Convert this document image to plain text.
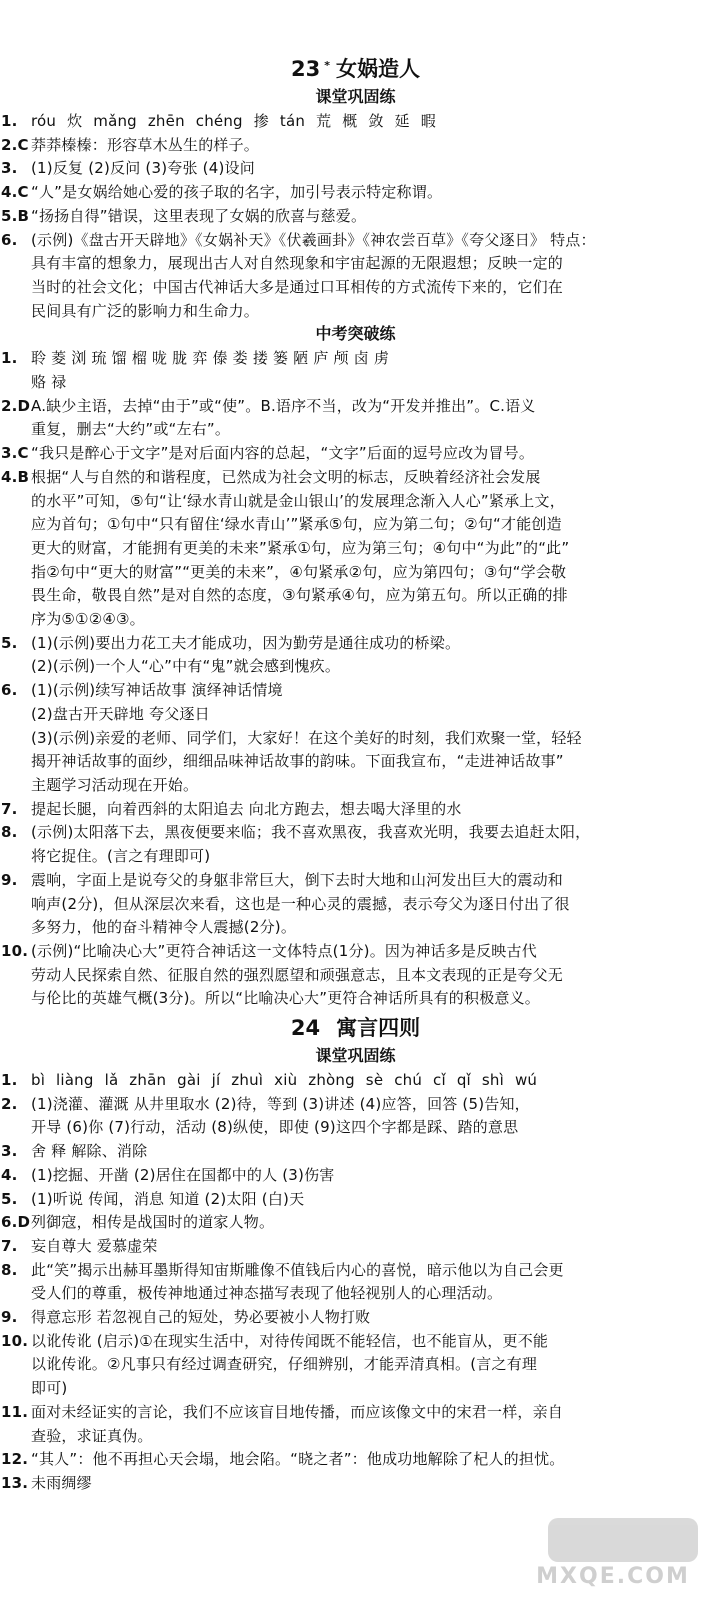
23 * 女娲造人
课堂巩固练
1. róu 炊 mǎng zhēn chéng 掺 tán 荒 概 敛 延 暇
2.C 莽莽榛榛：形容草木丛生的样子。
3. (1)反复 (2)反问 (3)夸张 (4)设问
4.C “人”是女娲给她心爱的孩子取的名字，加引号表示特定称谓。
5.B “扬扬自得”错误，这里表现了女娲的欣喜与慈爱。
6. (示例)《盘古开天辟地》《女娲补天》《伏羲画卦》《神农尝百草》《夸父逐日》 特点：
具有丰富的想象力，展现出古人对自然现象和宇宙起源的无限遐想；反映一定的
当时的社会文化；中国古代神话大多是通过口耳相传的方式流传下来的，它们在
民间具有广泛的影响力和生命力。
中考突破练
1. 聆 菱 浏 琉 馏 榴 咙 胧 弈 傣 娄 搂 篓 陋 庐 颅 卤 虏
赂 禄
2.D A.缺少主语，去掉“由于”或“使”。B.语序不当，改为“开发并推出”。C.语义
重复，删去“大约”或“左右”。
3.C “我只是醉心于文字”是对后面内容的总起，“文字”后面的逗号应改为冒号。
4.B 根据“人与自然的和谐程度，已然成为社会文明的标志，反映着经济社会发展
的水平”可知，⑤句“让‘绿水青山就是金山银山’的发展理念渐入人心”紧承上文，
应为首句；①句中“只有留住‘绿水青山’”紧承⑤句，应为第二句；②句“才能创造
更大的财富，才能拥有更美的未来”紧承①句，应为第三句；④句中“为此”的“此”
指②句中“更大的财富”“更美的未来”，④句紧承②句，应为第四句；③句“学会敬
畏生命，敬畏自然”是对自然的态度，③句紧承④句，应为第五句。所以正确的排
序为⑤①②④③。
5. (1)(示例)要出力花工夫才能成功，因为勤劳是通往成功的桥梁。
(2)(示例)一个人“心”中有“鬼”就会感到愧疚。
6. (1)(示例)续写神话故事 演绎神话情境
(2)盘古开天辟地 夸父逐日
(3)(示例)亲爱的老师、同学们，大家好！在这个美好的时刻，我们欢聚一堂，轻轻
揭开神话故事的面纱，细细品味神话故事的韵味。下面我宣布，“走进神话故事”
主题学习活动现在开始。
7. 提起长腿，向着西斜的太阳追去 向北方跑去，想去喝大泽里的水
8. (示例)太阳落下去，黑夜便要来临；我不喜欢黑夜，我喜欢光明，我要去追赶太阳，
将它捉住。(言之有理即可)
9. 震响，字面上是说夸父的身躯非常巨大，倒下去时大地和山河发出巨大的震动和
响声(2分)，但从深层次来看，这也是一种心灵的震撼，表示夸父为逐日付出了很
多努力，他的奋斗精神令人震撼(2分)。
10. (示例)“比喻决心大”更符合神话这一文体特点(1分)。因为神话多是反映古代
劳动人民探索自然、征服自然的强烈愿望和顽强意志，且本文表现的正是夸父无
与伦比的英雄气概(3分)。所以“比喻决心大”更符合神话所具有的积极意义。
24 寓言四则
课堂巩固练
1. bì liàng lǎ zhān gài jí zhuì xiù zhòng sè chú cǐ qǐ shì wú
2. (1)浇灌、灌溉 从井里取水 (2)待，等到 (3)讲述 (4)应答，回答 (5)告知，
开导 (6)你 (7)行动，活动 (8)纵使，即使 (9)这四个字都是踩、踏的意思
3. 舍 释 解除、消除
4. (1)挖掘、开凿 (2)居住在国都中的人 (3)伤害
5. (1)听说 传闻，消息 知道 (2)太阳 (白)天
6.D 列御寇，相传是战国时的道家人物。
7. 妄自尊大 爱慕虚荣
8. 此“笑”揭示出赫耳墨斯得知宙斯雕像不值钱后内心的喜悦，暗示他以为自己会更
受人们的尊重，极传神地通过神态描写表现了他轻视别人的心理活动。
9. 得意忘形 若忽视自己的短处，势必要被小人物打败
10. 以讹传讹 (启示)①在现实生活中，对待传闻既不能轻信，也不能盲从，更不能
以讹传讹。②凡事只有经过调查研究，仔细辨别，才能弄清真相。(言之有理
即可)
11. 面对未经证实的言论，我们不应该盲目地传播，而应该像文中的宋君一样，亲自
查验，求证真伪。
12. “其人”：他不再担心天会塌，地会陷。“晓之者”：他成功地解除了杞人的担忧。
13. 未雨绸缪
MXQE.COM
